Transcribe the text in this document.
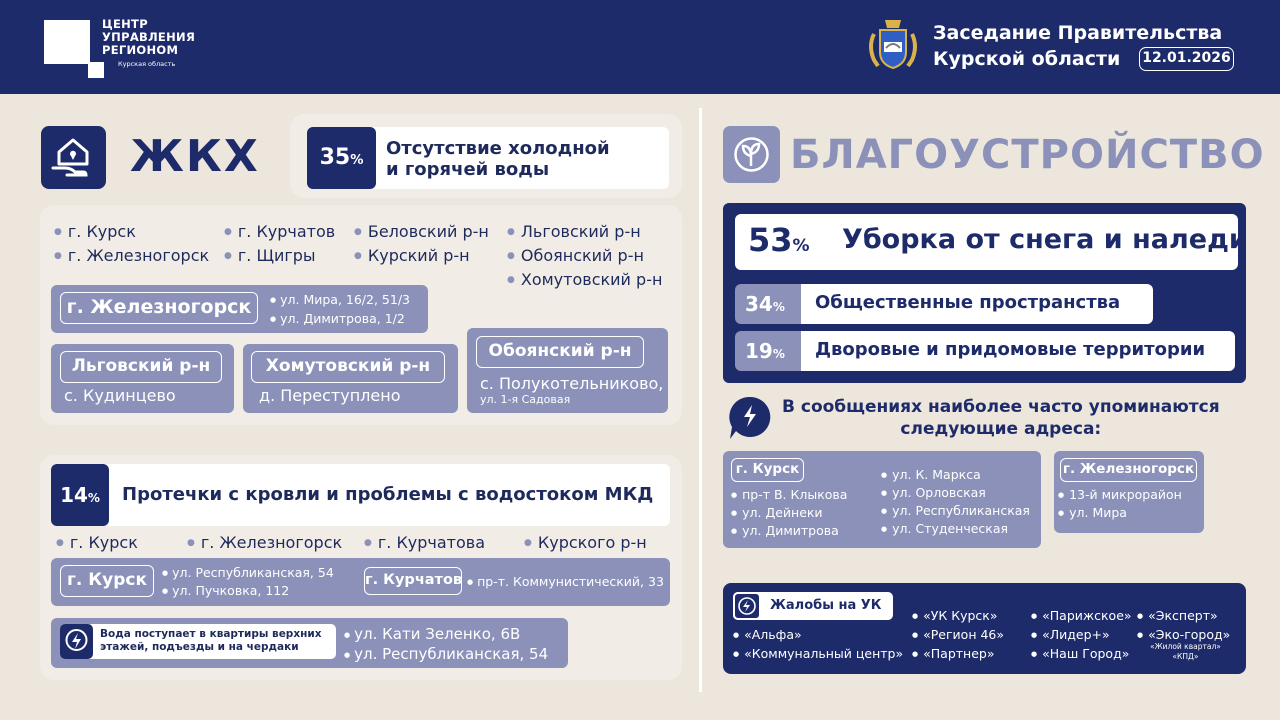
ЦЕНТР
УПРАВЛЕНИЯ
РЕГИОНОМ
Курская область
Заседание Правительства
Курской области	12.01.2026
ЖКХ	35%
Отсутствие холодной
и горячей воды
● г. Курск
● г. Железногорск
● г. Курчатов
● г. Щигры
● Беловский р-н
● Курский р-н
● Льговский р-н
● Обоянский р-н
● Хомутовский р-н
г. Железногорск	● ул. Мира, 16/2, 51/3
● ул. Димитрова, 1/2
Льговский р-н
с. Кудинцево
Хомутовский р-н
д. Переступлено
Обоянский р-н
с. Полукотельниково,
ул. 1-я Садовая
14%	Протечки с кровли и проблемы с водостоком МКД
● г. Курск	● г. Железногорск	● г. Курчатова	● Курского р-н
г. Курск	● ул. Республиканская, 54
● ул. Пучковка, 112
г. Курчатов	● пр-т. Коммунистический, 33
Вода поступает в квартиры верхних
этажей, подъезды и на чердаки
● ул. Кати Зеленко, 6В
● ул. Республиканская, 54
БЛАГОУСТРОЙСТВО
53% Уборка от снега и наледи
34% Общественные пространства
19% Дворовые и придомовые территории
В сообщениях наиболее часто упоминаются
следующие адреса:
г. Курск
● пр-т В. Клыкова
● ул. Дейнеки
● ул. Димитрова
● ул. К. Маркса
● ул. Орловская
● ул. Республиканская
● ул. Студенческая
г. Железногорск
● 13-й микрорайон
● ул. Мира
Жалобы на УК
● «Альфа»
● «Коммунальный центр»
● «УК Курск»
● «Регион 46»
● «Партнер»
● «Парижское»
● «Лидер+»
● «Наш Город»
● «Эксперт»
● «Эко-город»
«Жилой квартал»
«КПД»
